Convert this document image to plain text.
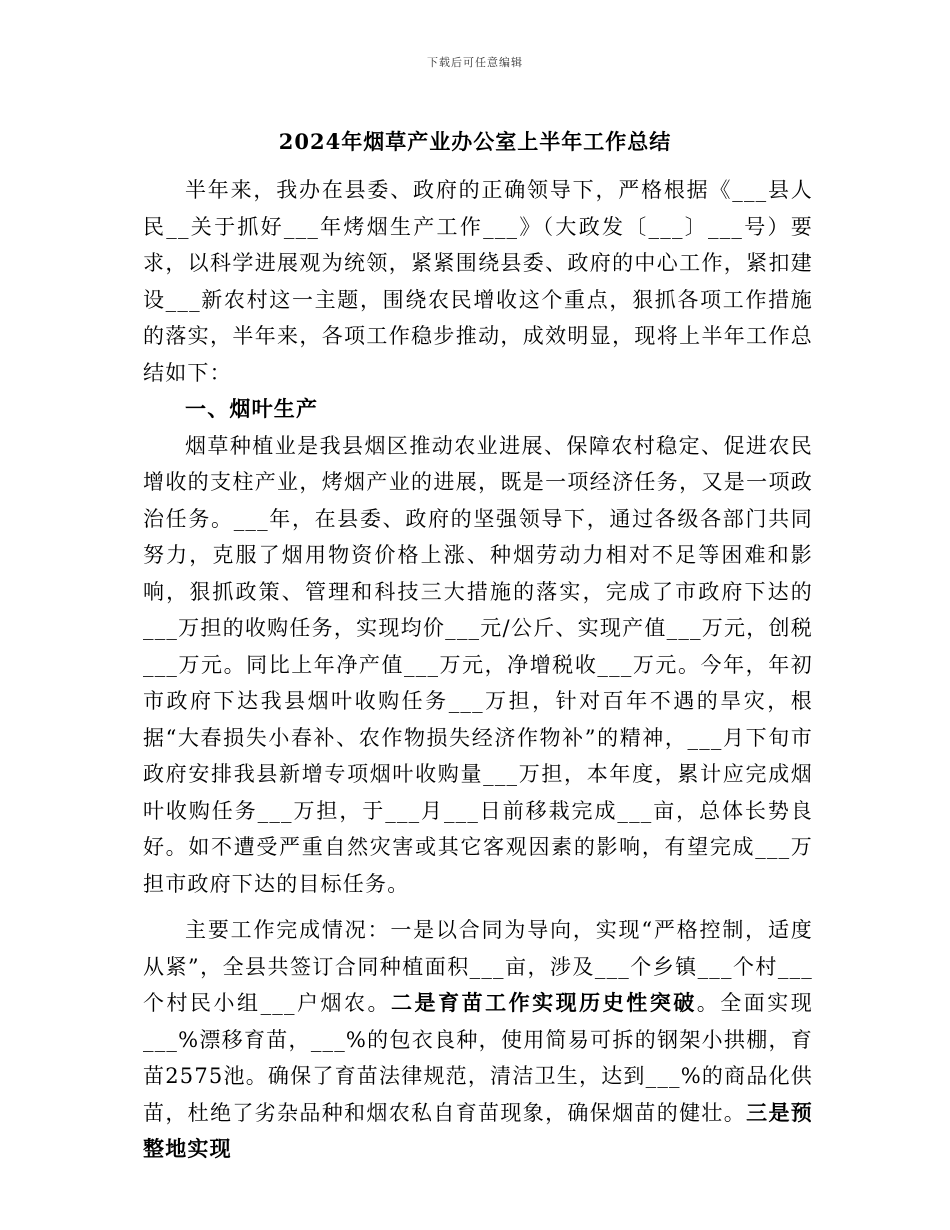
下载后可任意编辑
2024年烟草产业办公室上半年工作总结

半年来，我办在县委、政府的正确领导下，严格根据《___县人民__关于抓好___年烤烟生产工作___》（大政发〔___〕___号）要求，以科学进展观为统领，紧紧围绕县委、政府的中心工作，紧扣建设___新农村这一主题，围绕农民增收这个重点，狠抓各项工作措施的落实，半年来，各项工作稳步推动，成效明显，现将上半年工作总结如下：

一、烟叶生产

烟草种植业是我县烟区推动农业进展、保障农村稳定、促进农民增收的支柱产业，烤烟产业的进展，既是一项经济任务，又是一项政治任务。___年，在县委、政府的坚强领导下，通过各级各部门共同努力，克服了烟用物资价格上涨、种烟劳动力相对不足等困难和影响，狠抓政策、管理和科技三大措施的落实，完成了市政府下达的___万担的收购任务，实现均价___元/公斤、实现产值___万元，创税___万元。同比上年净产值___万元，净增税收___万元。今年，年初市政府下达我县烟叶收购任务___万担，针对百年不遇的旱灾，根据“大春损失小春补、农作物损失经济作物补”的精神，___月下旬市政府安排我县新增专项烟叶收购量___万担，本年度，累计应完成烟叶收购任务___万担，于___月___日前移栽完成___亩，总体长势良好。如不遭受严重自然灾害或其它客观因素的影响，有望完成___万担市政府下达的目标任务。

主要工作完成情况：一是以合同为导向，实现“严格控制，适度从紧”，全县共签订合同种植面积___亩，涉及___个乡镇___个村___个村民小组___户烟农。二是育苗工作实现历史性突破。全面实现___%漂移育苗，___%的包衣良种，使用简易可拆的钢架小拱棚，育苗2575池。确保了育苗法律规范，清洁卫生，达到___%的商品化供苗，杜绝了劣杂品种和烟农私自育苗现象，确保烟苗的健壮。三是预整地实现
